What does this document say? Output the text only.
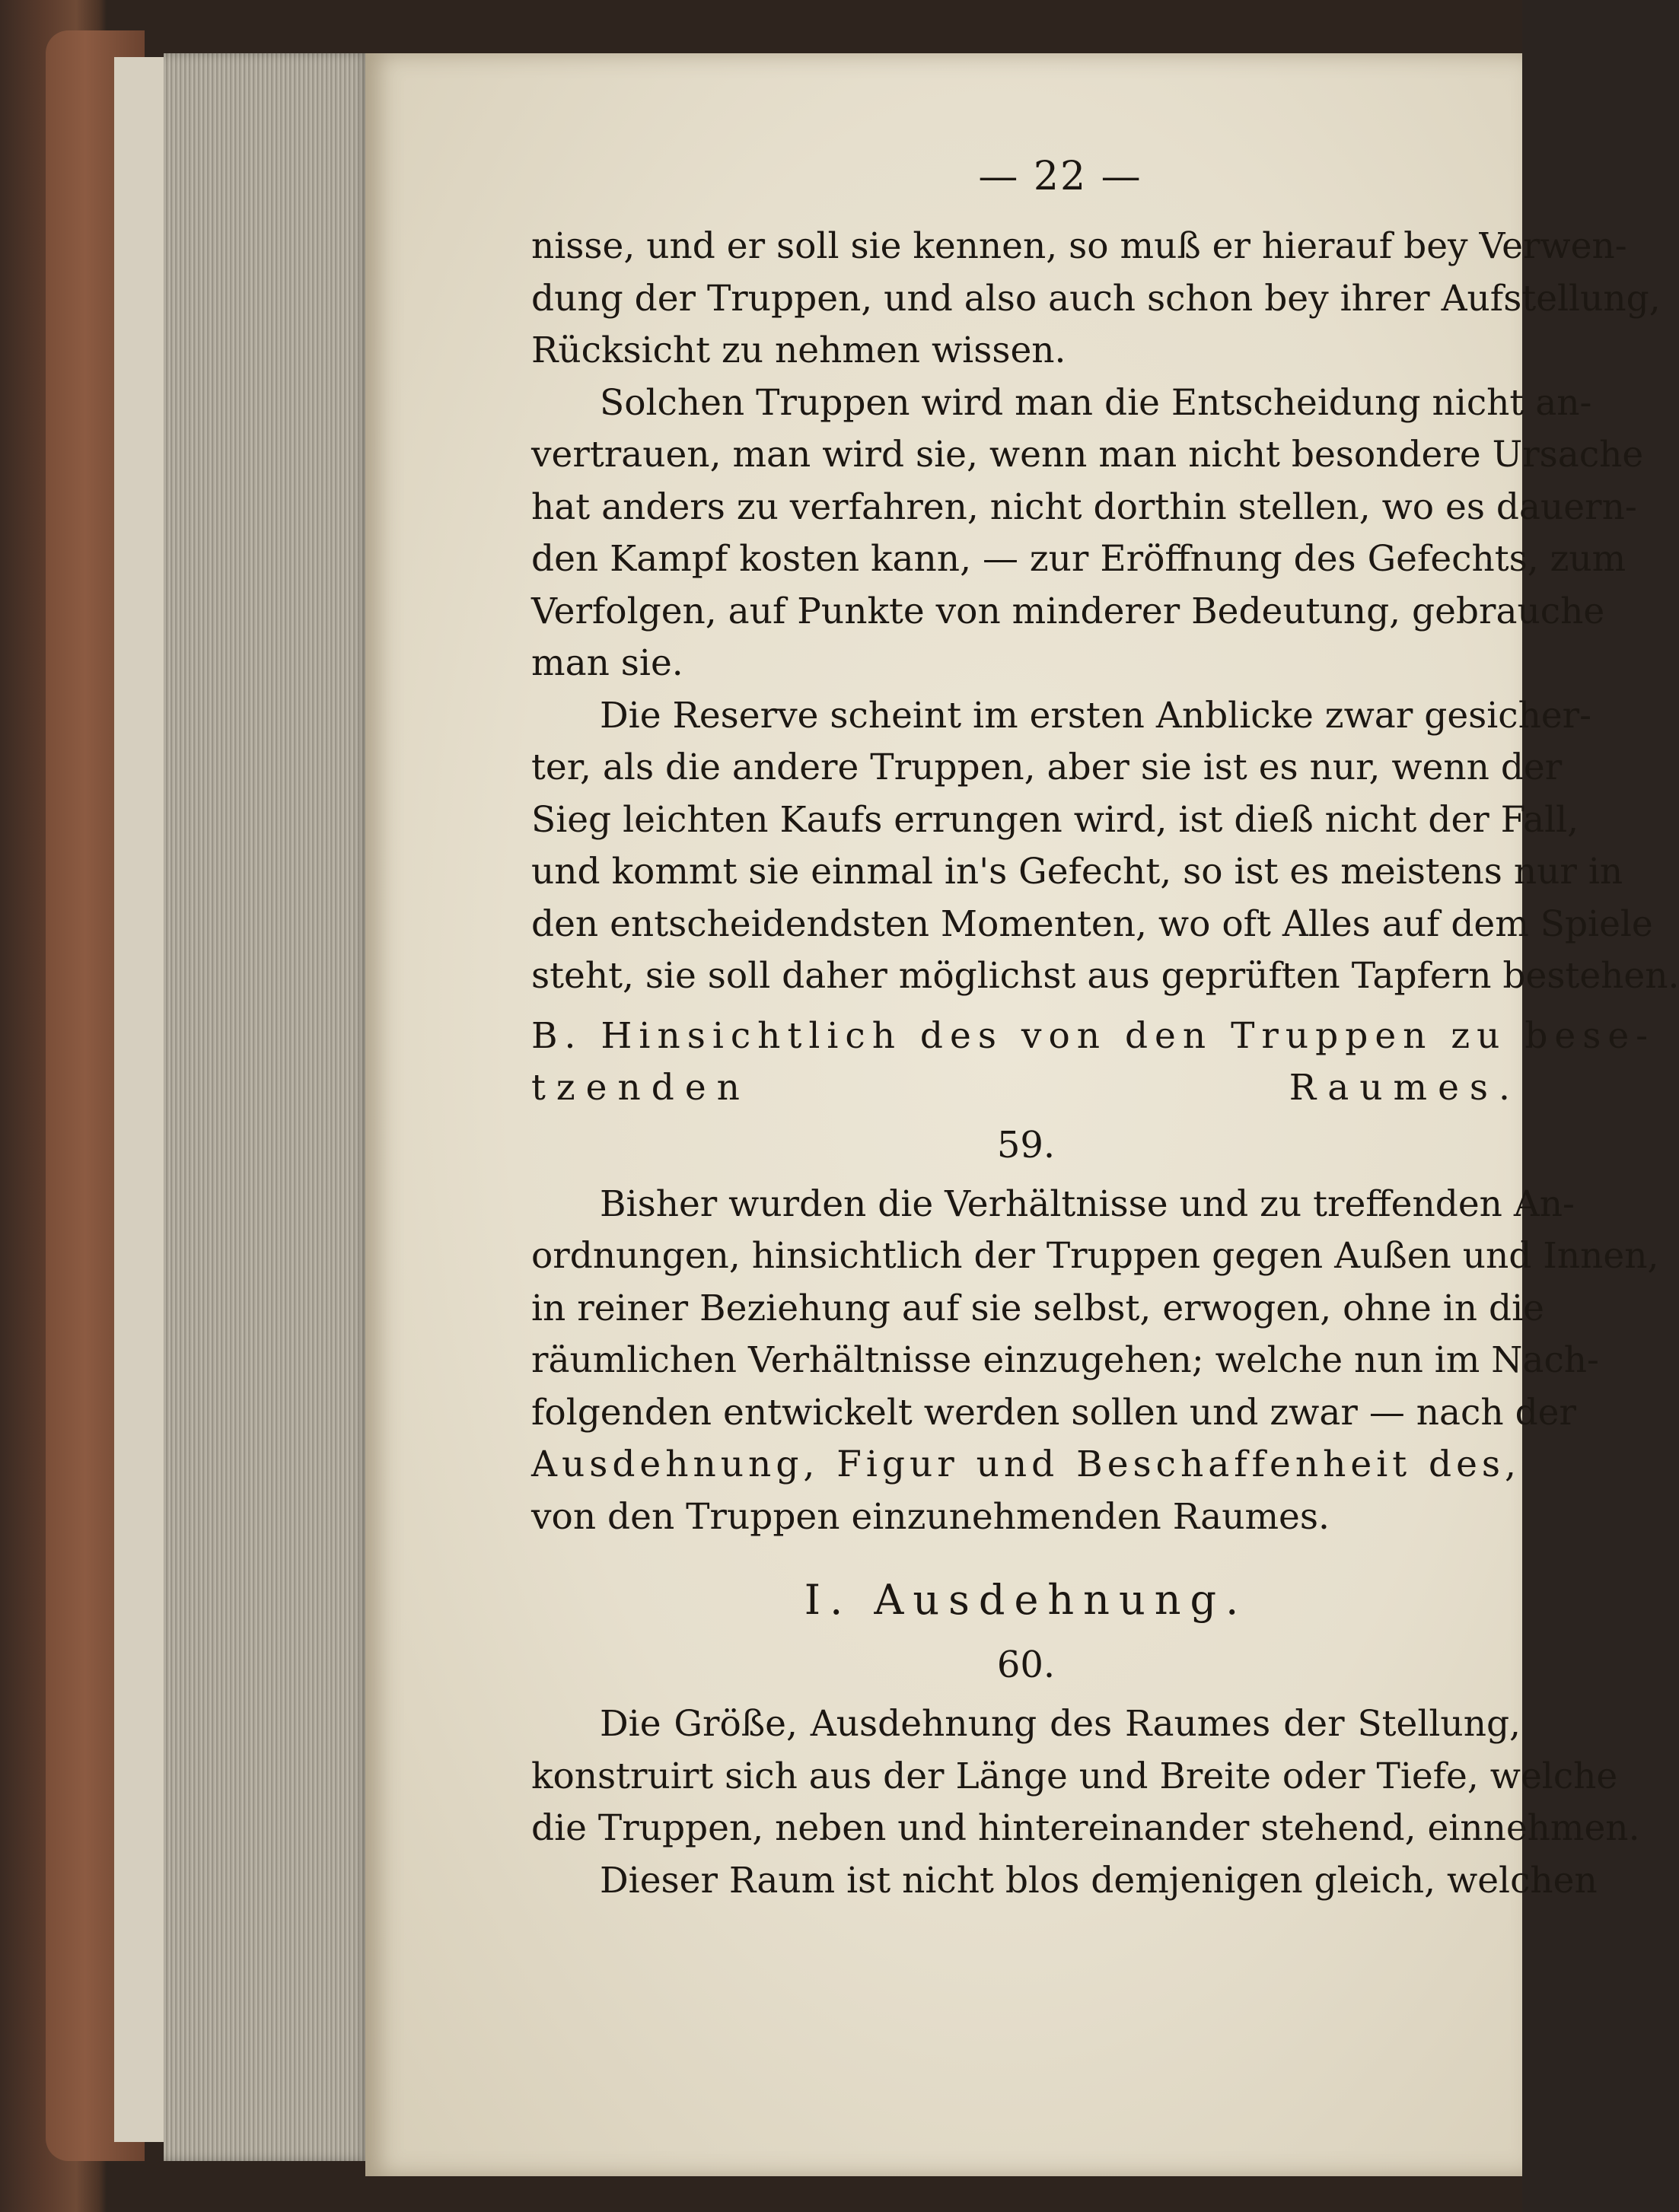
— 22 —
nisse, und er soll sie kennen, so muß er hierauf bey Verwen-
dung der Truppen, und also auch schon bey ihrer Aufstellung,
Rücksicht zu nehmen wissen.
Solchen Truppen wird man die Entscheidung nicht an-
vertrauen, man wird sie, wenn man nicht besondere Ursache
hat anders zu verfahren, nicht dorthin stellen, wo es dauern-
den Kampf kosten kann, — zur Eröffnung des Gefechts, zum
Verfolgen, auf Punkte von minderer Bedeutung, gebrauche
man sie.
Die Reserve scheint im ersten Anblicke zwar gesicher-
ter, als die andere Truppen, aber sie ist es nur, wenn der
Sieg leichten Kaufs errungen wird, ist dieß nicht der Fall,
und kommt sie einmal in's Gefecht, so ist es meistens nur in
den entscheidendsten Momenten, wo oft Alles auf dem Spiele
steht, sie soll daher möglichst aus geprüften Tapfern bestehen.
B. Hinsichtlich des von den Truppen zu bese-
tzenden Raumes.
59.
Bisher wurden die Verhältnisse und zu treffenden An-
ordnungen, hinsichtlich der Truppen gegen Außen und Innen,
in reiner Beziehung auf sie selbst, erwogen, ohne in die
räumlichen Verhältnisse einzugehen; welche nun im Nach-
folgenden entwickelt werden sollen und zwar — nach der
Ausdehnung, Figur und Beschaffenheit des,
von den Truppen einzunehmenden Raumes.
I. Ausdehnung.
60.
Die Größe, Ausdehnung des Raumes der Stellung,
konstruirt sich aus der Länge und Breite oder Tiefe, welche
die Truppen, neben und hintereinander stehend, einnehmen.
Dieser Raum ist nicht blos demjenigen gleich, welchen
